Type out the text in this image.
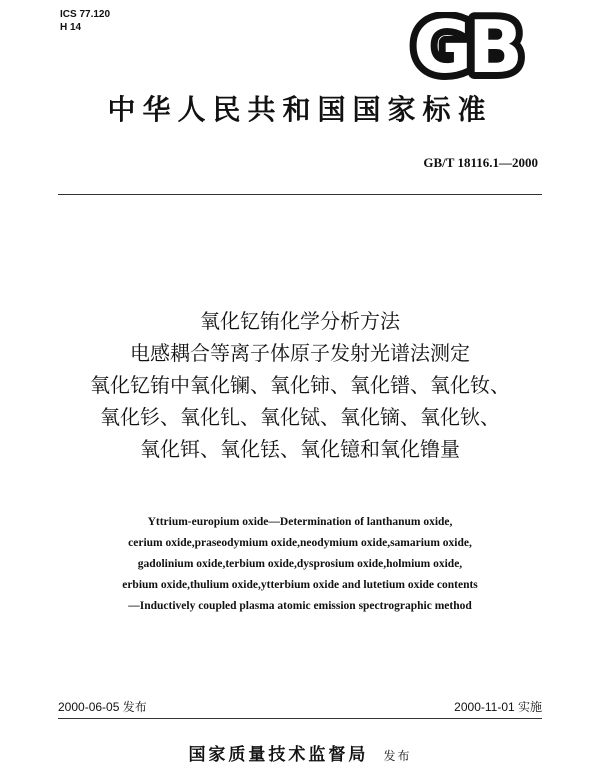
ICS 77.120
H 14	GB
中华人民共和国国家标准
GB/T 18116.1—2000
氧化钇铕化学分析方法
电感耦合等离子体原子发射光谱法测定
氧化钇铕中氧化镧、氧化铈、氧化镨、氧化钕、
氧化钐、氧化钆、氧化铽、氧化镝、氧化钬、
氧化铒、氧化铥、氧化镱和氧化镥量
Yttrium-europium oxide—Determination of lanthanum oxide,
cerium oxide,praseodymium oxide,neodymium oxide,samarium oxide,
gadolinium oxide,terbium oxide,dysprosium oxide,holmium oxide,
erbium oxide,thulium oxide,ytterbium oxide and lutetium oxide contents
—Inductively coupled plasma atomic emission spectrographic method
2000-06-05 发布	2000-11-01 实施
国家质量技术监督局 发布
